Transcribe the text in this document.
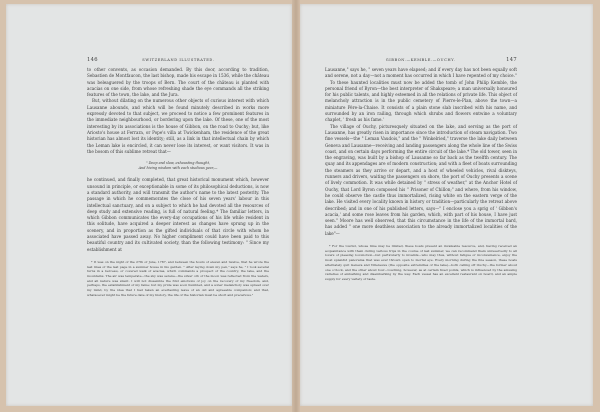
146	SWITZERLAND ILLUSTRATED.

to other convents, as occasion demanded. By this door, according to tradition, Sebastien de Montfaucon, the last bishop, made his escape in 1536, while the château was beleaguered by the troops of Bern. The court of the château is planted with acacias on one side, from whose refreshing shade the eye commands all the striking features of the town, the lake, and the Jura.

But, without dilating on the numerous other objects of curious interest with which Lausanne abounds, and which will be found minutely described in works more expressly devoted to that subject, we proceed to notice a few prominent features in the immediate neighbourhood, or bordering upon the lake. Of these, one of the most interesting by its associations is the house of Gibbon, on the road to Ouchy; but, like Ariosto's house at Ferrara, or Pope's villa at Twickenham, the residence of the great historian has almost lost its identity; still, as a link in that intellectual chain by which the Leman lake is encircled, it can never lose its interest, or want visitors. It was in the bosom of this sublime retreat that—

" Deep and slow, exhausting thought,
And hiving wisdom with each studious year,—

he continued, and finally completed, that great historical monument which, however unsound in principle, or exceptionable in some of its philosophical deductions, is now a standard authority, and will transmit the author's name to the latest posterity. The passage in which he commemorates the close of his seven years' labour in this intellectual sanctuary, and on a subject to which he had devoted all the resources of deep study and extensive reading, is full of natural feeling.* The familiar letters, in which Gibbon communicates the every-day occupations of his life while resident in this solitude, have acquired a deeper interest as changes have sprung up in the scenery, and in proportion as the gifted individuals of that circle with whom he associated have passed away. No higher compliment could have been paid to this beautiful country and its cultivated society, than the following testimony: " Since my establishment at

* It was on the night of the 27th of June, 1787, and between the hours of eleven and twelve, that he wrote the last lines of the last page in a summer house in his garden. " After laying down my pen," says he, " I took several turns in a berceau, or covered walk of acacias, which commands a prospect of the country, the lake, and the mountains. The air was temperate—the sky was serene—the silver orb of the moon was reflected from the waters, and all nature was silent. I will not dissemble the first emotions of joy on the recovery of my freedom, and, perhaps, the establishment of my fame; but my pride was soon humbled, and a sober melancholy was spread over my mind, by the idea that I had taken an everlasting leave of an old and agreeable companion; and that, whatsoever might be the future date of my history, the life of the historian must be short and precarious."

GIBBON.—KEMBLE.—OUCHY.	147

Lausanne," says he, " seven years have elapsed; and if every day has not been equally soft and serene, not a day—not a moment has occurred in which I have repented of my choice."

To these haunted localities must now be added the tomb of John Philip Kemble, the personal friend of Byron—the best interpreter of Shakspeare; a man universally honoured for his public talents, and highly esteemed in all the relations of private life. This object of melancholy attraction is in the public cemetery of Pierre-le-Plan, above the town—a miniature Père-la-Chaise. It consists of a plain stone slab inscribed with his name, and surrounded by an iron railing, through which shrubs and flowers entwine a voluntary chaplet, ' fresh as his fame.'

The village of Ouchy, picturesquely situated on the lake, and serving as the port of Lausanne, has greatly risen in importance since the introduction of steam navigation. Two fine vessels—the " Leman Vaudois," and the " Winkelried," traverse the lake daily between Geneva and Lausanne—receiving and landing passengers along the whole line of the Swiss coast, and on certain days performing the entire circuit of the lake.* The old tower, seen in the engraving, was built by a bishop of Lausanne so far back as the twelfth century. The quay and its appendages are of modern construction; and with a fleet of boats surrounding the steamers as they arrive or depart, and a host of wheeled vehicles, rival diskteys, runners and drivers, waiting the passengers on shore, the port of Ouchy presents a scene of lively commotion. It was while detained by " stress of weather," at the Anchor Hotel of Ouchy, that Lord Byron composed his " Prisoner of Chillon;" and where, from his window, he could observe the castle thus immortalized, rising white on the eastern verge of the lake. He visited every locality known in history or tradition—particularly the retreat above described; and in one of his published letters, says—" I enclose you a sprig of ' Gibbon's acacia,' and some rose leaves from his garden, which, with part of his house, I have just seen." Moore has well observed, that this circumstance in the life of the immortal bard, has added " one more deathless association to the already immortalized localities of the lake"—

* For the tourist, whose time may be limited, these boats present an invaluable resource, and, having received an acquaintance with them during various trips in the course of last summer, we can recommend them unreservedly to all lovers of pleasing locomotion—but particularly to invalids—who may thus, without fatigue or inconvenience, enjoy the most splendid panorama that was ever thrown open to mortal eye. Every morning during the fine season, these boats alternately quit Geneva and Villeneuve (the opposite extremities of the lake)—both calling off Ouchy—the former about one o'clock, and the other about four—touching, however, as at certain fixed points, which is influenced by the amusing varieties of embarking and disembarking by the way. Each vessel has an excellent restaurant on board, and an ample supply for every variety of taste.
